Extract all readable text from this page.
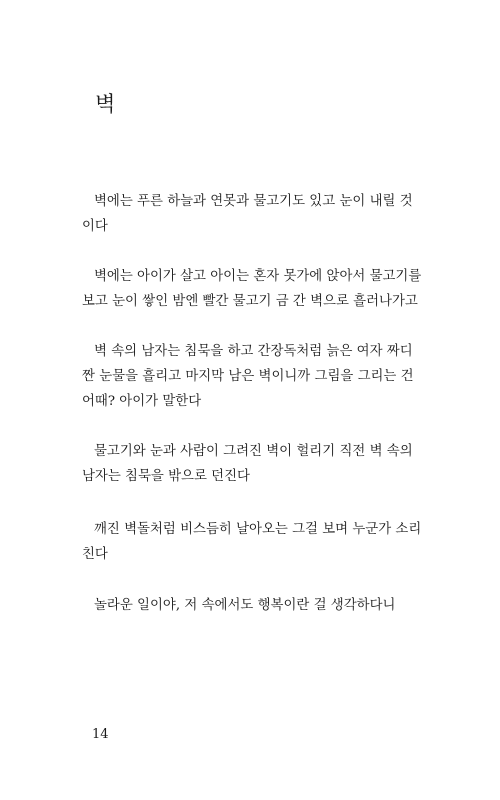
벽
벽에는 푸른 하늘과 연못과 물고기도 있고 눈이 내릴 것
이다
벽에는 아이가 살고 아이는 혼자 못가에 앉아서 물고기를
보고 눈이 쌓인 밤엔 빨간 물고기 금 간 벽으로 흘러나가고
벽 속의 남자는 침묵을 하고 간장독처럼 늙은 여자 짜디
짠 눈물을 흘리고 마지막 남은 벽이니까 그림을 그리는 건
어때? 아이가 말한다
물고기와 눈과 사람이 그려진 벽이 헐리기 직전 벽 속의
남자는 침묵을 밖으로 던진다
깨진 벽돌처럼 비스듬히 날아오는 그걸 보며 누군가 소리
친다
놀라운 일이야, 저 속에서도 행복이란 걸 생각하다니
14
